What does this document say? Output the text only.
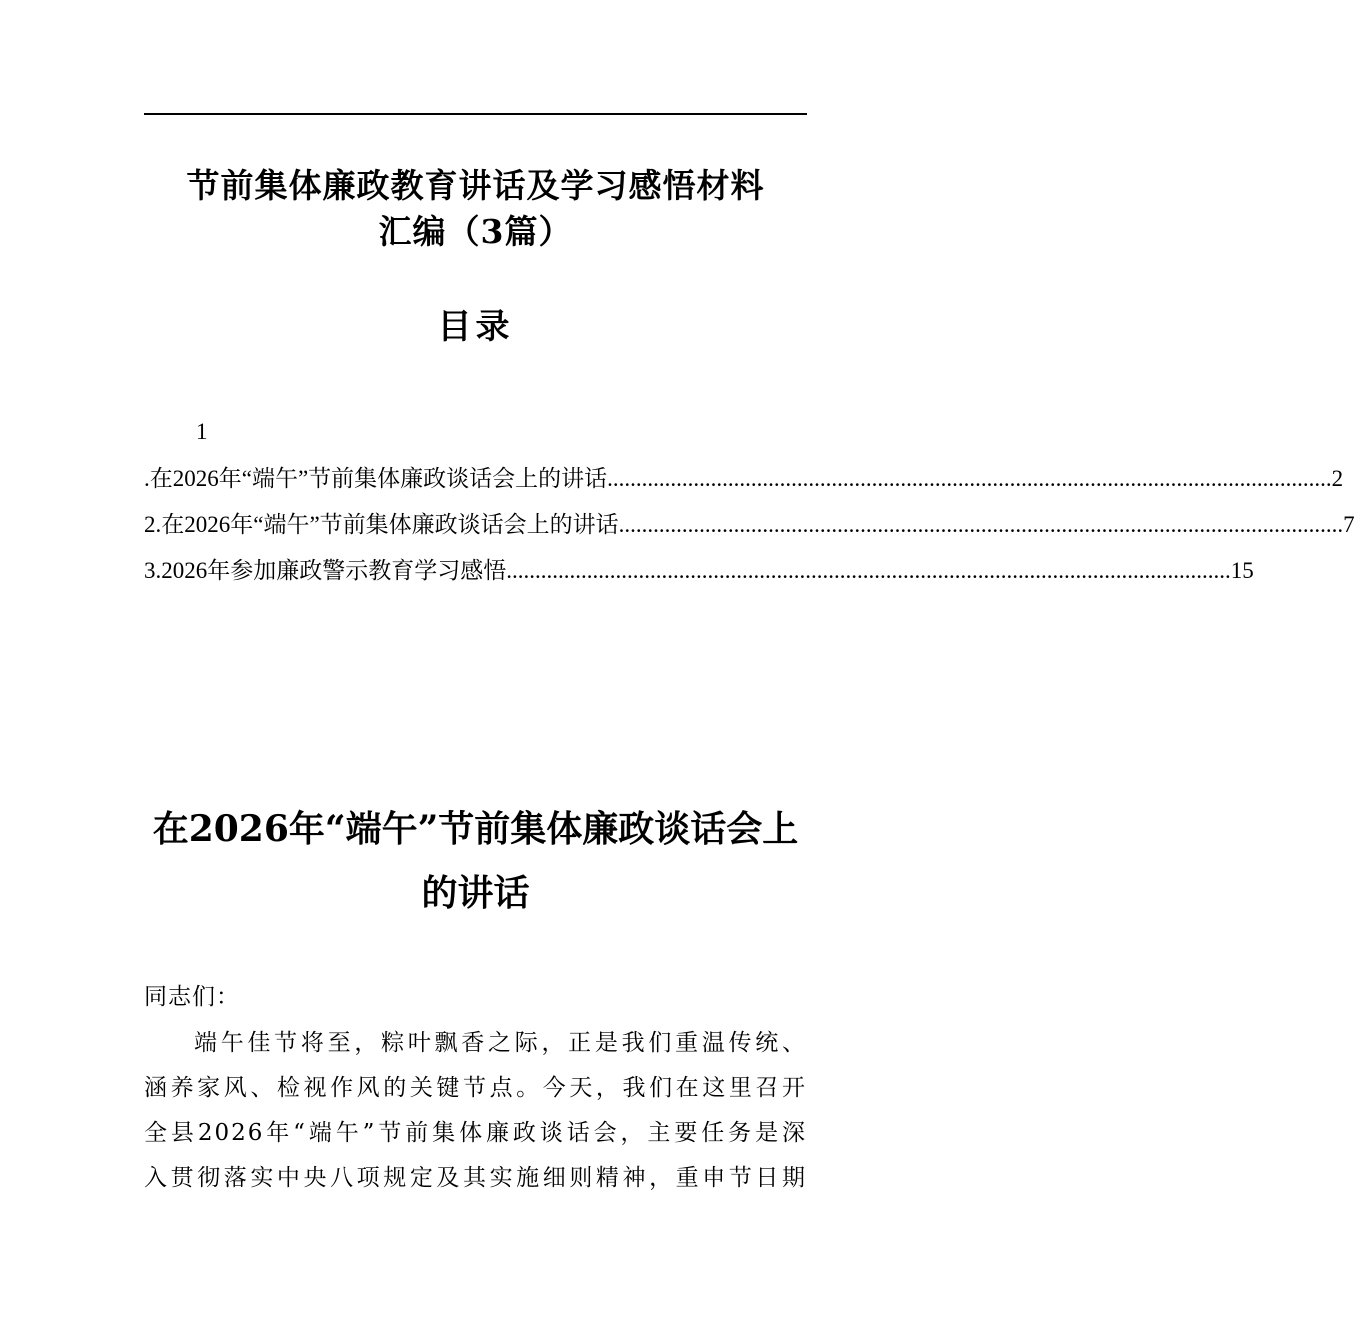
节前集体廉政教育讲话及学习感悟材料
汇编（3篇）
目录
1
.在2026年“端午”节前集体廉政谈话会上的讲话 .....	2
2.在2026年“端午”节前集体廉政谈话会上的讲话 .....	7
3.2026年参加廉政警示教育学习感悟 .....	15
在2026年“端午”节前集体廉政谈话会上
的讲话
同志们：
端午佳节将至，粽叶飘香之际，正是我们重温传统、
涵养家风、检视作风的关键节点。今天，我们在这里召开
全县2026年“端午”节前集体廉政谈话会，主要任务是深
入贯彻落实中央八项规定及其实施细则精神，重申节日期
